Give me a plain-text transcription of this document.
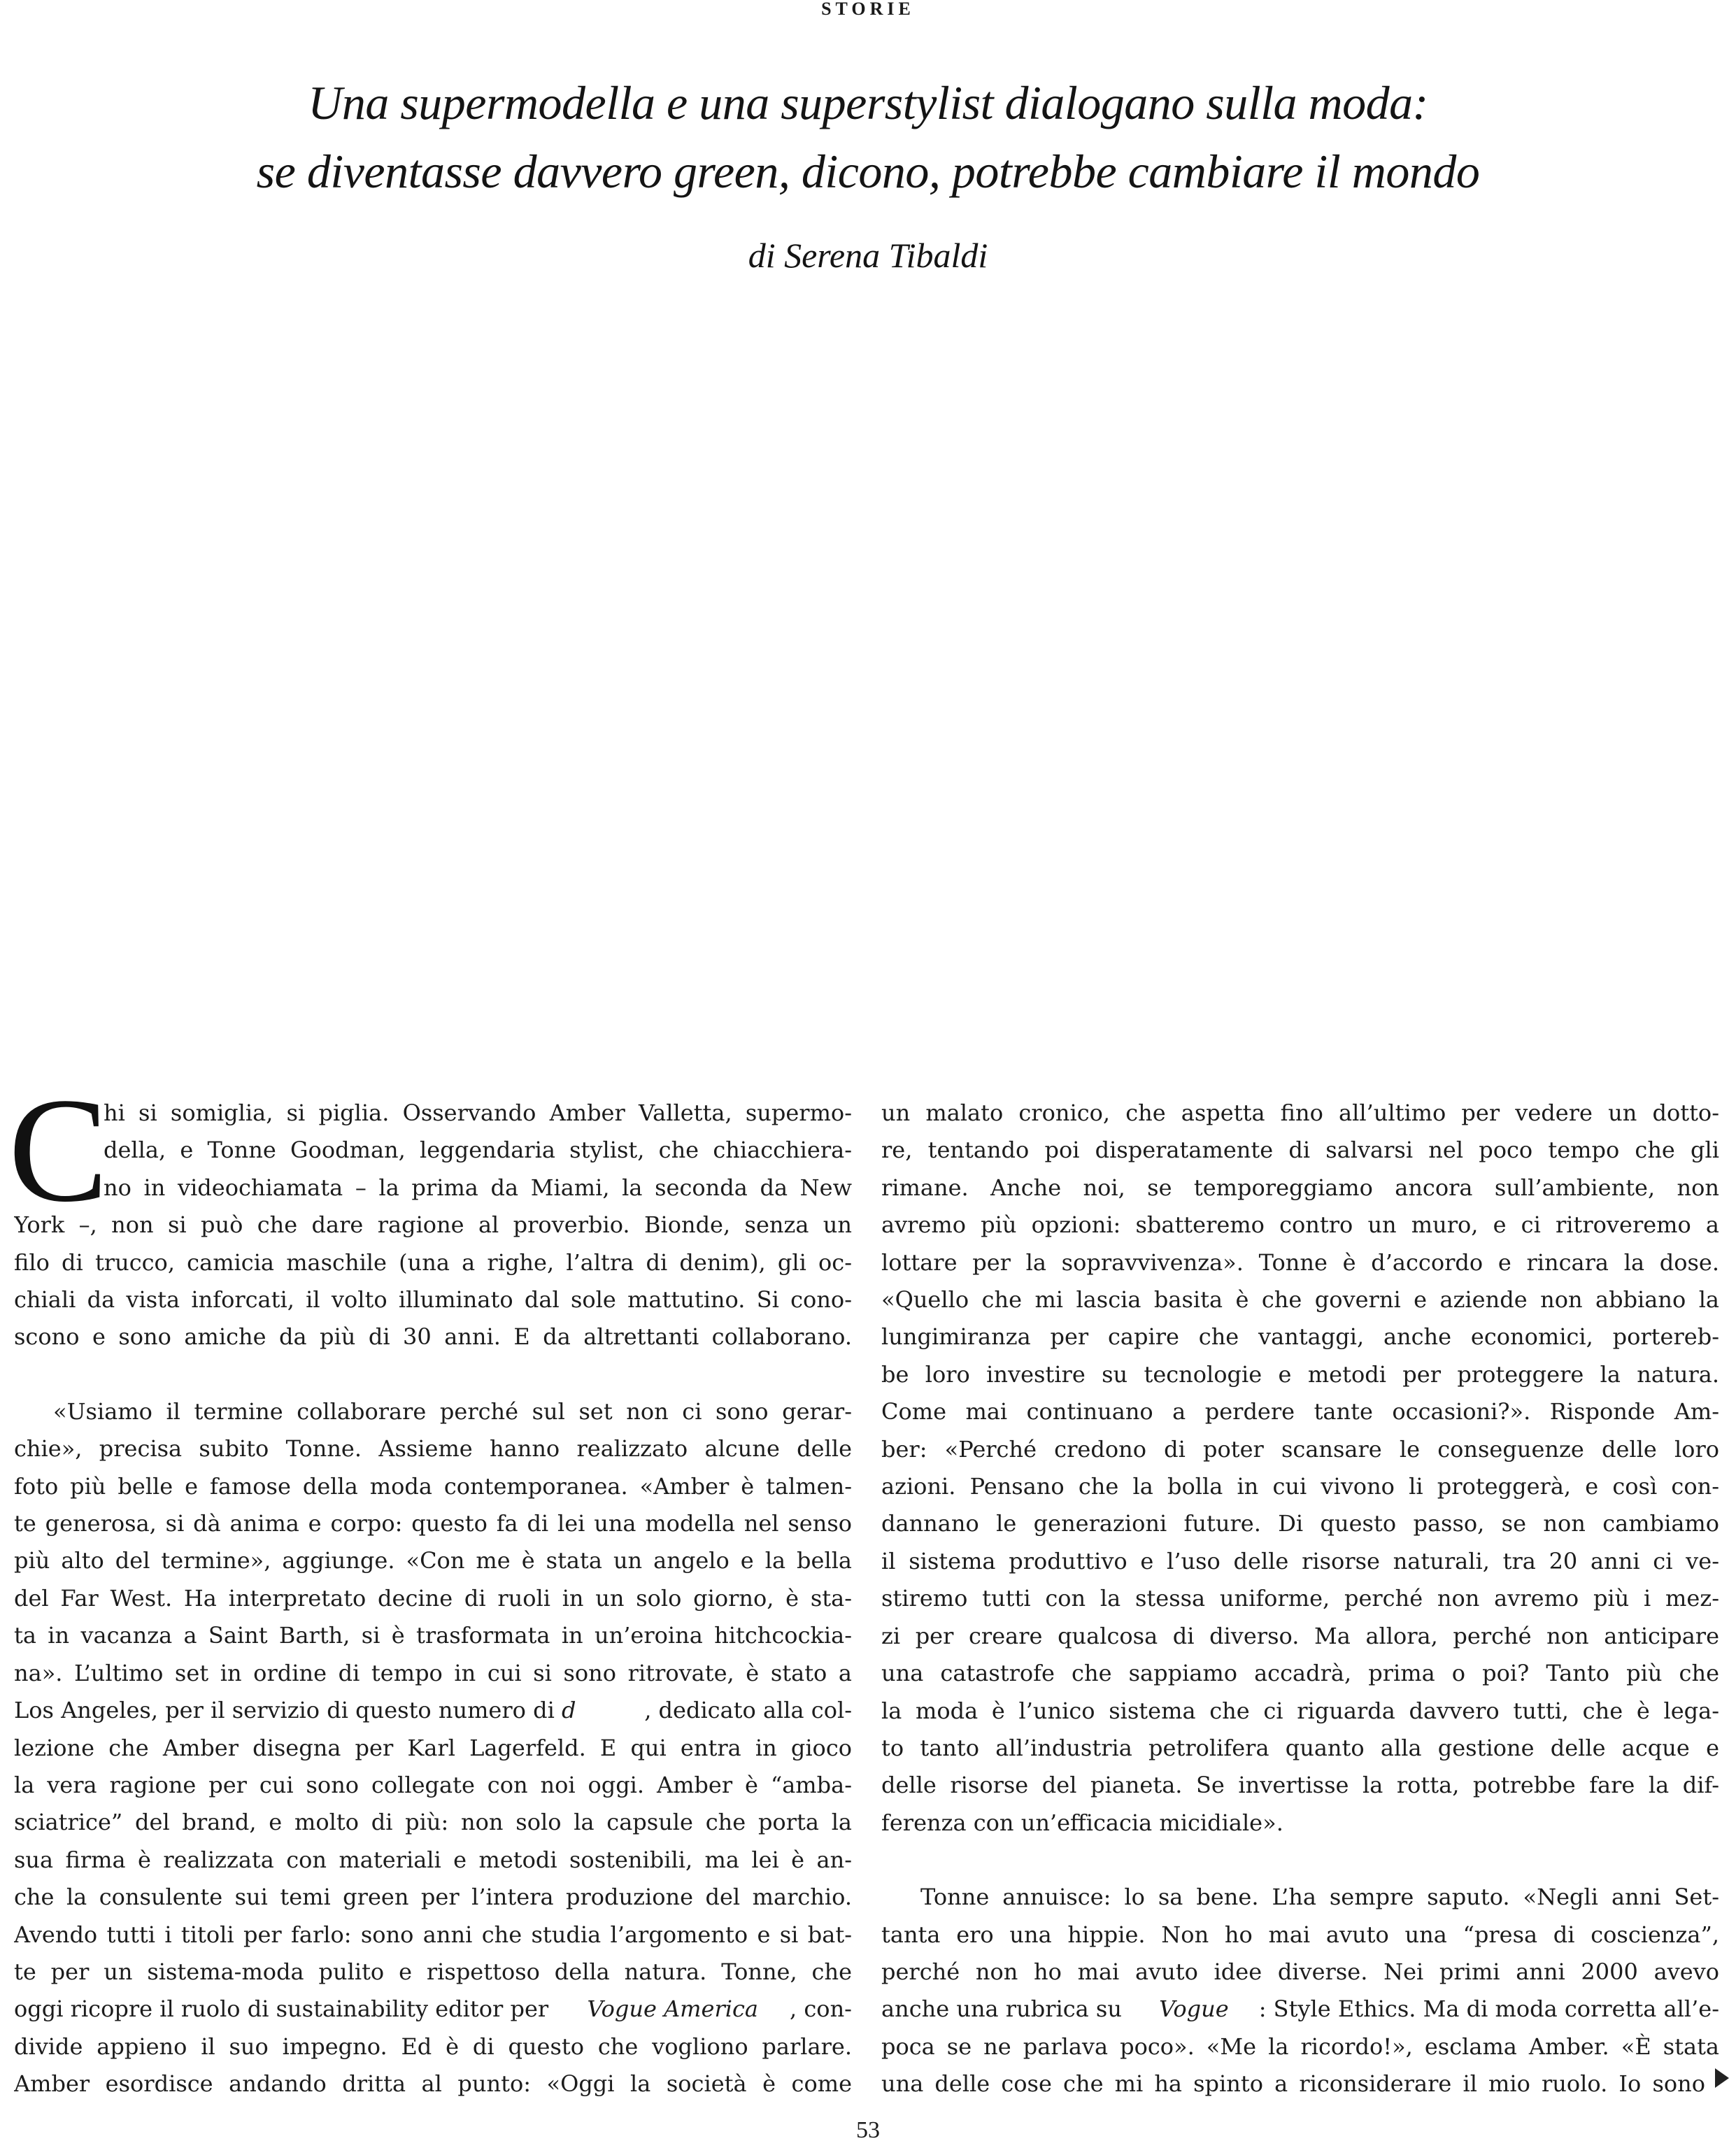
STORIE
Una supermodella e una superstylist dialogano sulla moda:
se diventasse davvero green, dicono, potrebbe cambiare il mondo
di Serena Tibaldi
C
hi si somiglia, si piglia. Osservando Amber Valletta, supermo-
della, e Tonne Goodman, leggendaria stylist, che chiacchiera-
no in videochiamata – la prima da Miami, la seconda da New
York –, non si può che dare ragione al proverbio. Bionde, senza un
filo di trucco, camicia maschile (una a righe, l’altra di denim), gli oc-
chiali da vista inforcati, il volto illuminato dal sole mattutino. Si cono-
scono e sono amiche da più di 30 anni. E da altrettanti collaborano.
«Usiamo il termine collaborare perché sul set non ci sono gerar-
chie», precisa subito Tonne. Assieme hanno realizzato alcune delle
foto più belle e famose della moda contemporanea. «Amber è talmen-
te generosa, si dà anima e corpo: questo fa di lei una modella nel senso
più alto del termine», aggiunge. «Con me è stata un angelo e la bella
del Far West. Ha interpretato decine di ruoli in un solo giorno, è sta-
ta in vacanza a Saint Barth, si è trasformata in un’eroina hitchcockia-
na». L’ultimo set in ordine di tempo in cui si sono ritrovate, è stato a
Los Angeles, per il servizio di questo numero di d	, dedicato alla col-
lezione che Amber disegna per Karl Lagerfeld. E qui entra in gioco
la vera ragione per cui sono collegate con noi oggi. Amber è “amba-
sciatrice” del brand, e molto di più: non solo la capsule che porta la
sua firma è realizzata con materiali e metodi sostenibili, ma lei è an-
che la consulente sui temi green per l’intera produzione del marchio.
Avendo tutti i titoli per farlo: sono anni che studia l’argomento e si bat-
te per un sistema-moda pulito e rispettoso della natura. Tonne, che
oggi ricopre il ruolo di sustainability editor per Vogue America , con-
divide appieno il suo impegno. Ed è di questo che vogliono parlare.
Amber esordisce andando dritta al punto: «Oggi la società è come
un malato cronico, che aspetta fino all’ultimo per vedere un dotto-
re, tentando poi disperatamente di salvarsi nel poco tempo che gli
rimane. Anche noi, se temporeggiamo ancora sull’ambiente, non
avremo più opzioni: sbatteremo contro un muro, e ci ritroveremo a
lottare per la sopravvivenza». Tonne è d’accordo e rincara la dose.
«Quello che mi lascia basita è che governi e aziende non abbiano la
lungimiranza per capire che vantaggi, anche economici, portereb-
be loro investire su tecnologie e metodi per proteggere la natura.
Come mai continuano a perdere tante occasioni?». Risponde Am-
ber: «Perché credono di poter scansare le conseguenze delle loro
azioni. Pensano che la bolla in cui vivono li proteggerà, e così con-
dannano le generazioni future. Di questo passo, se non cambiamo
il sistema produttivo e l’uso delle risorse naturali, tra 20 anni ci ve-
stiremo tutti con la stessa uniforme, perché non avremo più i mez-
zi per creare qualcosa di diverso. Ma allora, perché non anticipare
una catastrofe che sappiamo accadrà, prima o poi? Tanto più che
la moda è l’unico sistema che ci riguarda davvero tutti, che è lega-
to tanto all’industria petrolifera quanto alla gestione delle acque e
delle risorse del pianeta. Se invertisse la rotta, potrebbe fare la dif-
ferenza con un’efficacia micidiale».
Tonne annuisce: lo sa bene. L’ha sempre saputo. «Negli anni Set-
tanta ero una hippie. Non ho mai avuto una “presa di coscienza”,
perché non ho mai avuto idee diverse. Nei primi anni 2000 avevo
anche una rubrica su Vogue : Style Ethics. Ma di moda corretta all’e-
poca se ne parlava poco». «Me la ricordo!», esclama Amber. «È stata
una delle cose che mi ha spinto a riconsiderare il mio ruolo. Io sono
53
